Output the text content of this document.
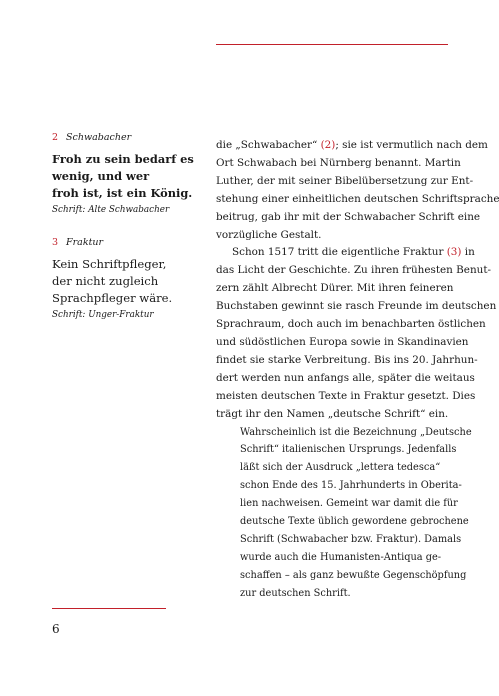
2 Schwabacher
Froh zu sein bedarf es
wenig, und wer
froh ist, ist ein König.
Schrift: Alte Schwabacher
3 Fraktur
Kein Schriftpfleger,
der nicht zugleich
Sprachpfleger wäre.
Schrift: Unger-Fraktur
die „Schwabacher“ (2); sie ist vermutlich nach dem
Ort Schwabach bei Nürnberg benannt. Martin
Luther, der mit seiner Bibelübersetzung zur Ent-
stehung einer einheitlichen deutschen Schriftsprache
beitrug, gab ihr mit der Schwabacher Schrift eine
vorzügliche Gestalt.
Schon 1517 tritt die eigentliche Fraktur (3) in
das Licht der Geschichte. Zu ihren frühesten Benut-
zern zählt Albrecht Dürer. Mit ihren feineren
Buchstaben gewinnt sie rasch Freunde im deutschen
Sprachraum, doch auch im benachbarten östlichen
und südöstlichen Europa sowie in Skandinavien
findet sie starke Verbreitung. Bis ins 20. Jahrhun-
dert werden nun anfangs alle, später die weitaus
meisten deutschen Texte in Fraktur gesetzt. Dies
trägt ihr den Namen „deutsche Schrift“ ein.
Wahrscheinlich ist die Bezeichnung „Deutsche
Schrift“ italienischen Ursprungs. Jedenfalls
läßt sich der Ausdruck „lettera tedesca“
schon Ende des 15. Jahrhunderts in Oberita-
lien nachweisen. Gemeint war damit die für
deutsche Texte üblich gewordene gebrochene
Schrift (Schwabacher bzw. Fraktur). Damals
wurde auch die Humanisten-Antiqua ge-
schaffen – als ganz bewußte Gegenschöpfung
zur deutschen Schrift.
6
